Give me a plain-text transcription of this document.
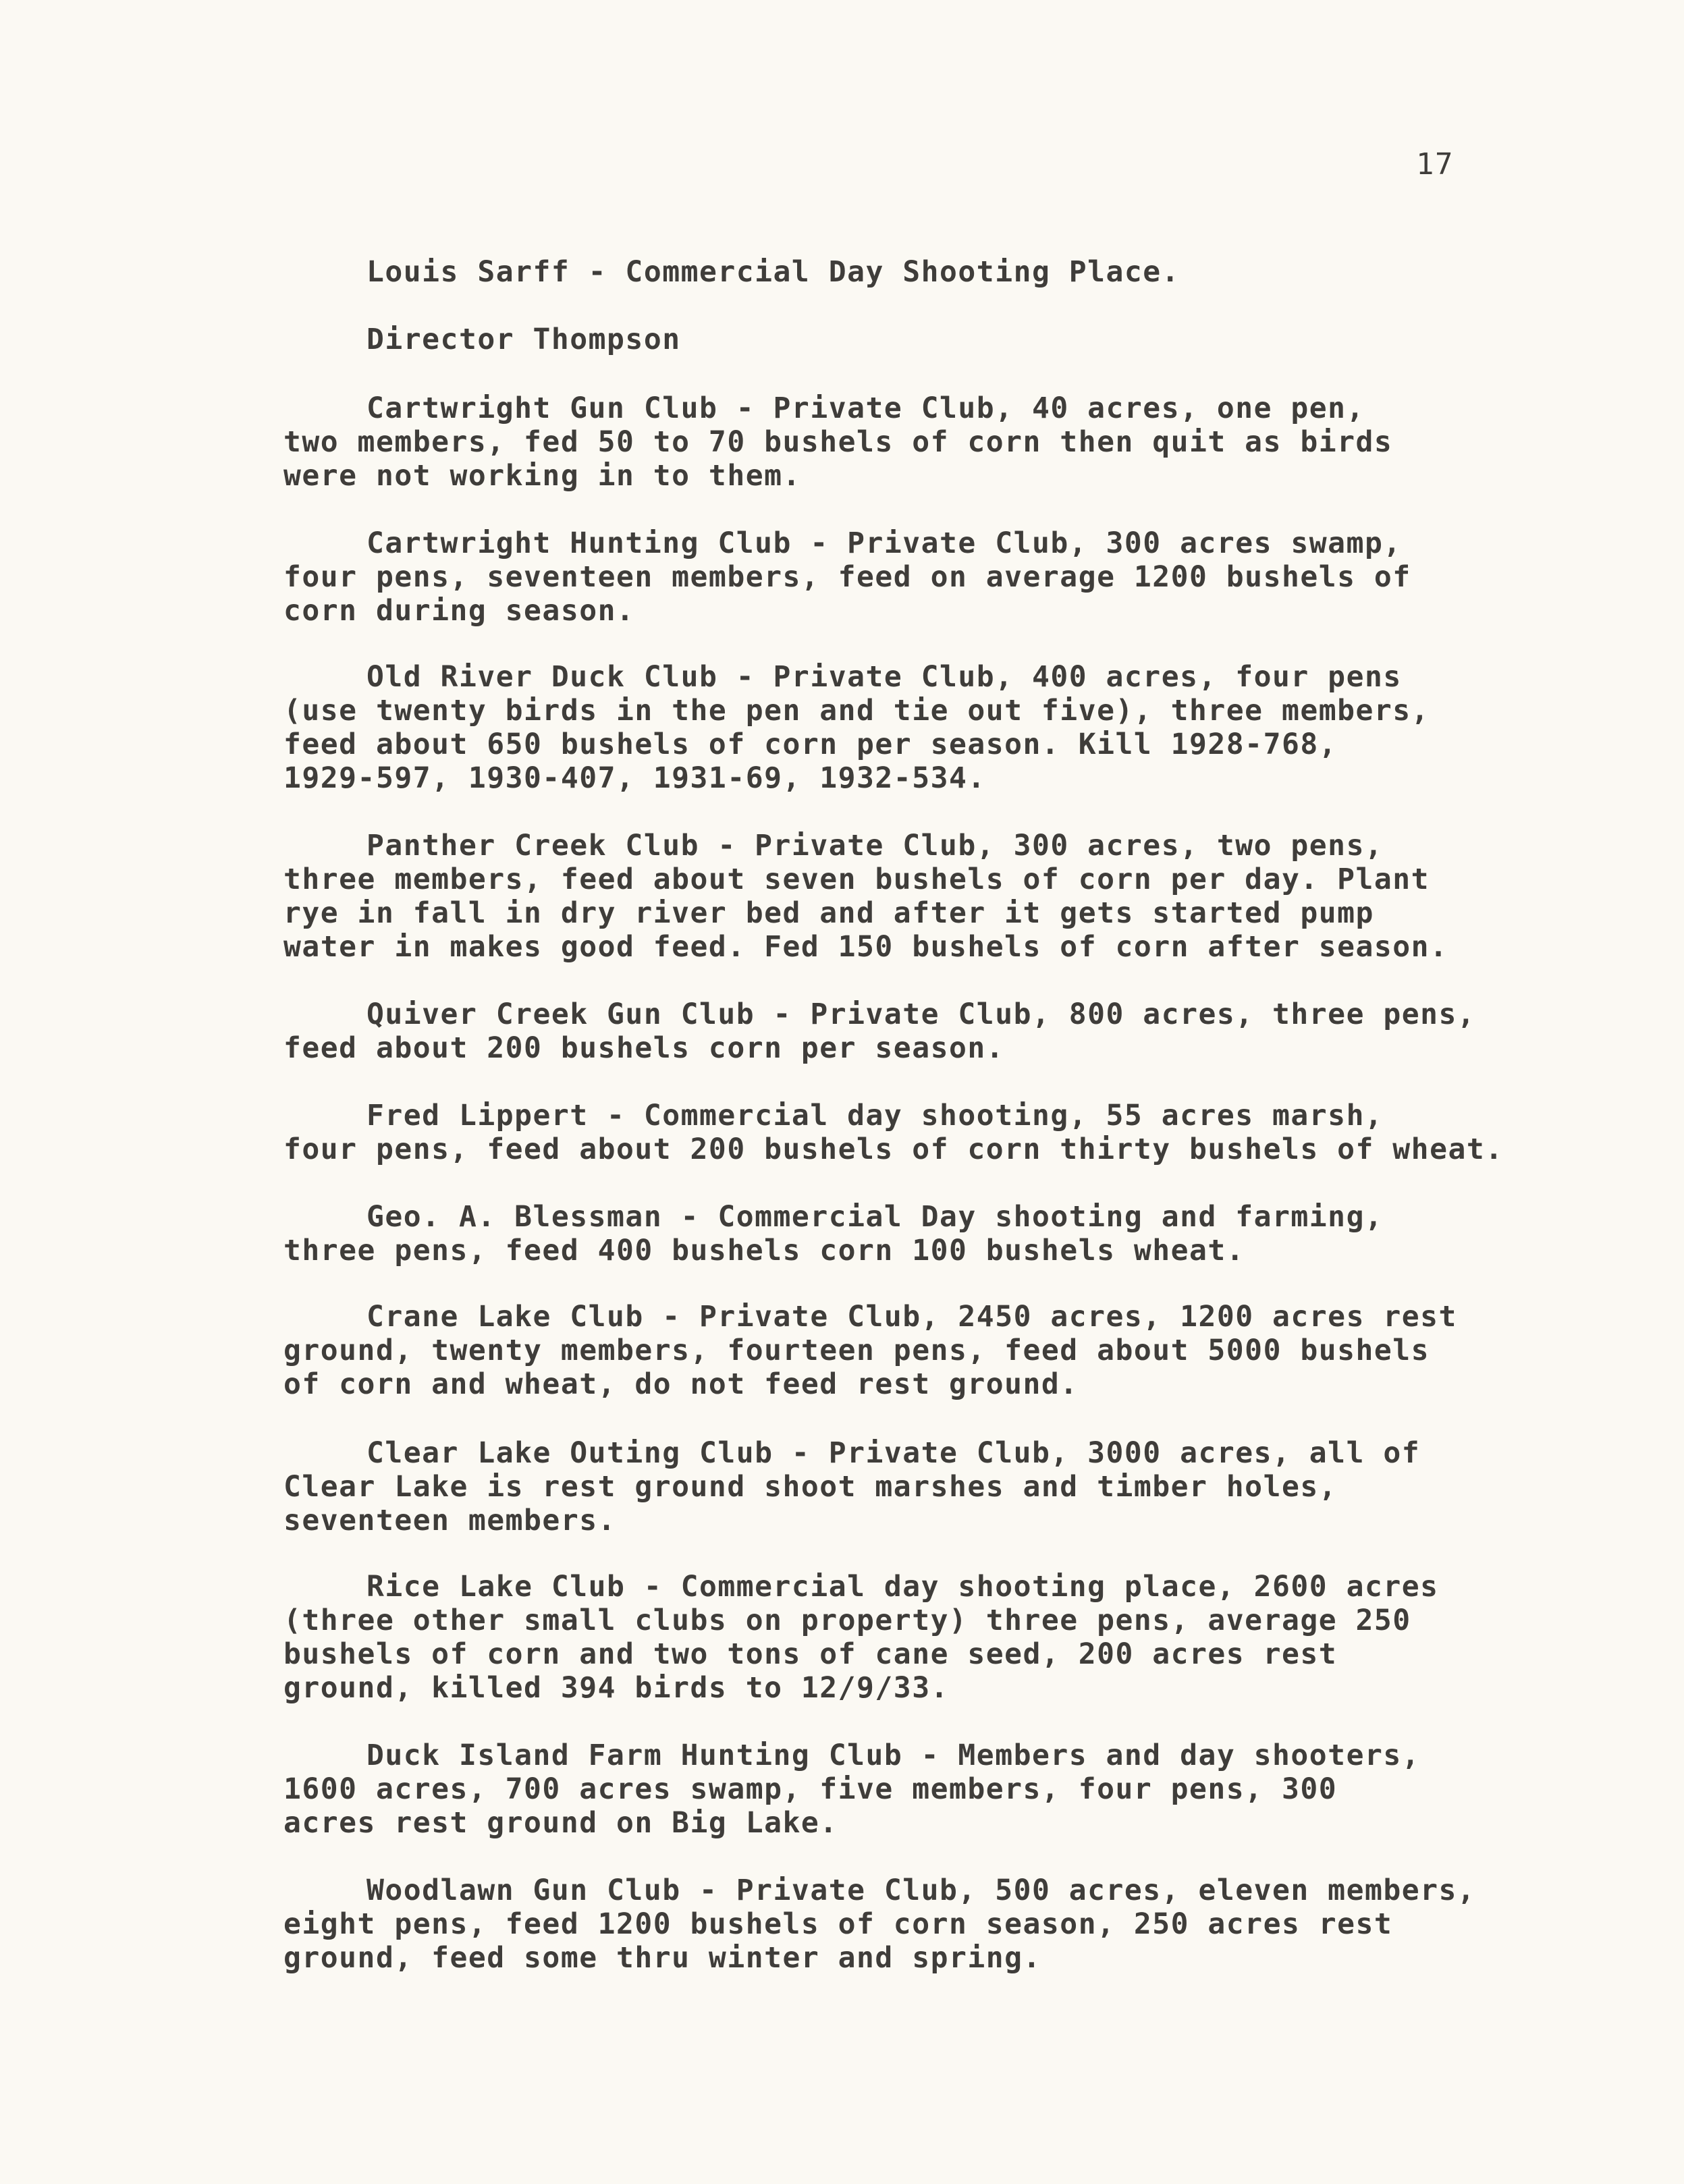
17
Louis Sarff - Commercial Day Shooting Place.
Director Thompson
Cartwright Gun Club - Private Club, 40 acres, one pen,
two members, fed 50 to 70 bushels of corn then quit as birds
were not working in to them.
Cartwright Hunting Club - Private Club, 300 acres swamp,
four pens, seventeen members, feed on average 1200 bushels of
corn during season.
Old River Duck Club - Private Club, 400 acres, four pens
(use twenty birds in the pen and tie out five), three members,
feed about 650 bushels of corn per season. Kill 1928-768,
1929-597, 1930-407, 1931-69, 1932-534.
Panther Creek Club - Private Club, 300 acres, two pens,
three members, feed about seven bushels of corn per day. Plant
rye in fall in dry river bed and after it gets started pump
water in makes good feed. Fed 150 bushels of corn after season.
Quiver Creek Gun Club - Private Club, 800 acres, three pens,
feed about 200 bushels corn per season.
Fred Lippert - Commercial day shooting, 55 acres marsh,
four pens, feed about 200 bushels of corn thirty bushels of wheat.
Geo. A. Blessman - Commercial Day shooting and farming,
three pens, feed 400 bushels corn 100 bushels wheat.
Crane Lake Club - Private Club, 2450 acres, 1200 acres rest
ground, twenty members, fourteen pens, feed about 5000 bushels
of corn and wheat, do not feed rest ground.
Clear Lake Outing Club - Private Club, 3000 acres, all of
Clear Lake is rest ground shoot marshes and timber holes,
seventeen members.
Rice Lake Club - Commercial day shooting place, 2600 acres
(three other small clubs on property) three pens, average 250
bushels of corn and two tons of cane seed, 200 acres rest
ground, killed 394 birds to 12/9/33.
Duck Island Farm Hunting Club - Members and day shooters,
1600 acres, 700 acres swamp, five members, four pens, 300
acres rest ground on Big Lake.
Woodlawn Gun Club - Private Club, 500 acres, eleven members,
eight pens, feed 1200 bushels of corn season, 250 acres rest
ground, feed some thru winter and spring.
